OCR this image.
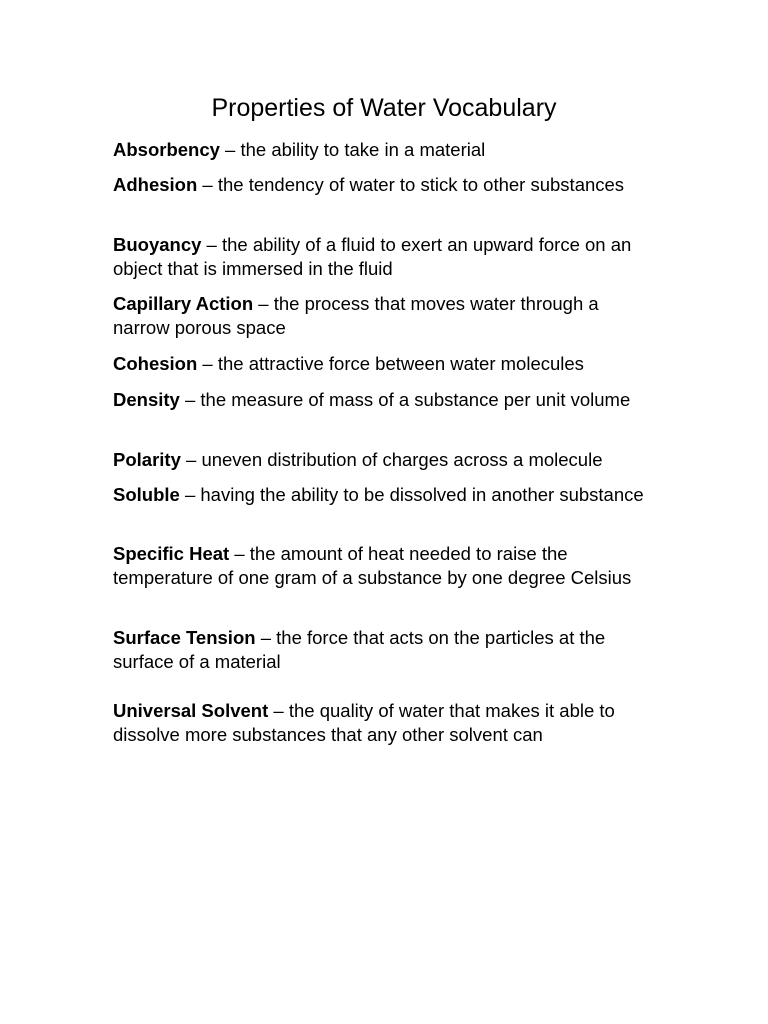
Properties of Water Vocabulary

Absorbency – the ability to take in a material

Adhesion – the tendency of water to stick to other substances

Buoyancy – the ability of a fluid to exert an upward force on an object that is immersed in the fluid

Capillary Action – the process that moves water through a narrow porous space

Cohesion – the attractive force between water molecules

Density – the measure of mass of a substance per unit volume

Polarity – uneven distribution of charges across a molecule

Soluble – having the ability to be dissolved in another substance

Specific Heat – the amount of heat needed to raise the temperature of one gram of a substance by one degree Celsius

Surface Tension – the force that acts on the particles at the surface of a material

Universal Solvent – the quality of water that makes it able to dissolve more substances that any other solvent can
